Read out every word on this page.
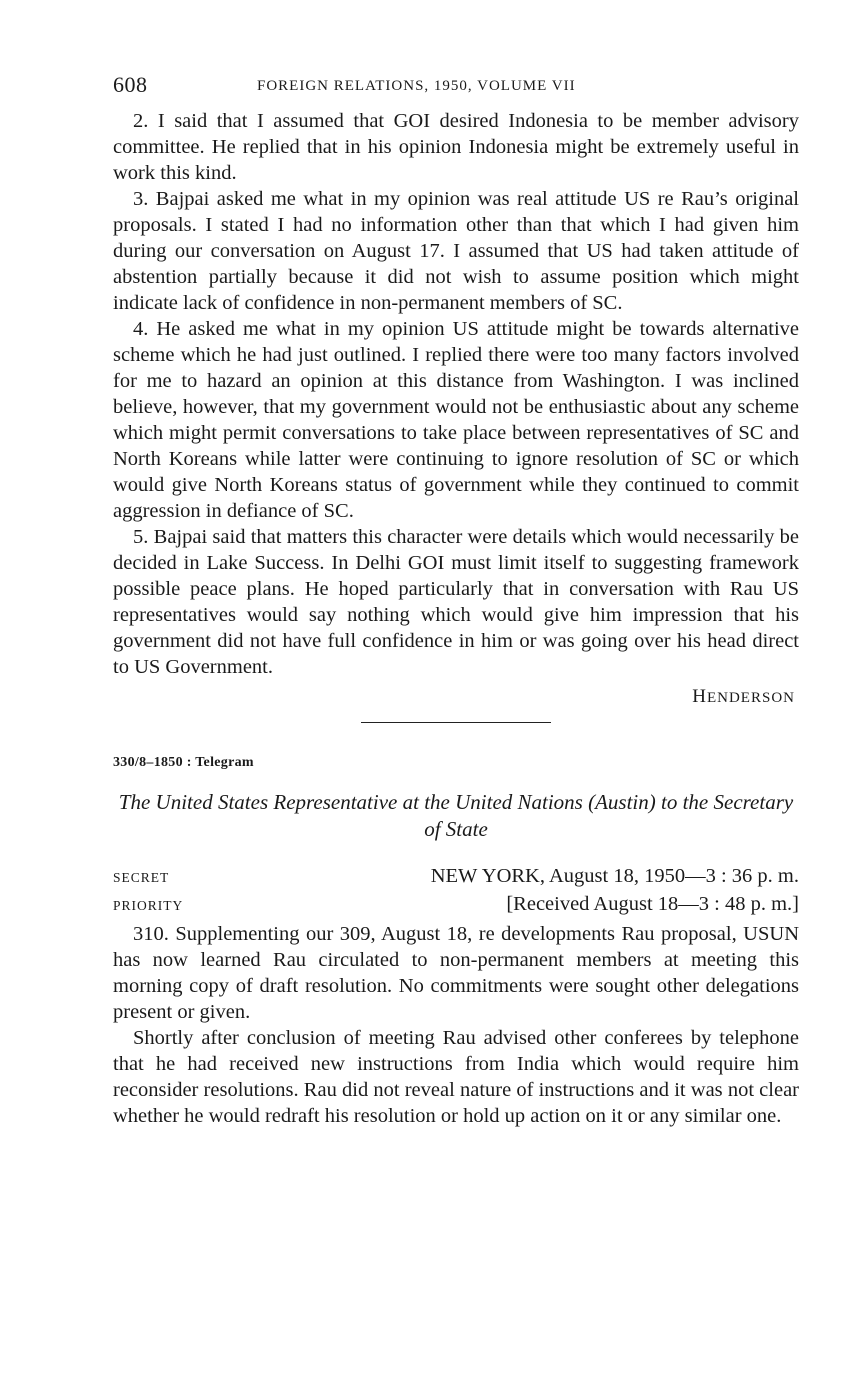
608	FOREIGN RELATIONS, 1950, VOLUME VII

2. I said that I assumed that GOI desired Indonesia to be member advisory committee. He replied that in his opinion Indonesia might be extremely useful in work this kind.

3. Bajpai asked me what in my opinion was real attitude US re Rau’s original proposals. I stated I had no information other than that which I had given him during our conversation on August 17. I assumed that US had taken attitude of abstention partially because it did not wish to assume position which might indicate lack of confidence in non-permanent members of SC.

4. He asked me what in my opinion US attitude might be towards alternative scheme which he had just outlined. I replied there were too many factors involved for me to hazard an opinion at this distance from Washington. I was inclined believe, however, that my government would not be enthusiastic about any scheme which might permit conversations to take place between representatives of SC and North Koreans while latter were continuing to ignore resolution of SC or which would give North Koreans status of government while they continued to commit aggression in defiance of SC.

5. Bajpai said that matters this character were details which would necessarily be decided in Lake Success. In Delhi GOI must limit itself to suggesting framework possible peace plans. He hoped particularly that in conversation with Rau US representatives would say nothing which would give him impression that his government did not have full confidence in him or was going over his head direct to US Government.

HENDERSON
330/8–1850 : Telegram
The United States Representative at the United Nations (Austin) to the Secretary of State
SECRET	NEW YORK, August 18, 1950—3 : 36 p. m.
PRIORITY	[Received August 18—3 : 48 p. m.]

310. Supplementing our 309, August 18, re developments Rau proposal, USUN has now learned Rau circulated to non-permanent members at meeting this morning copy of draft resolution. No commitments were sought other delegations present or given.

Shortly after conclusion of meeting Rau advised other conferees by telephone that he had received new instructions from India which would require him reconsider resolutions. Rau did not reveal nature of instructions and it was not clear whether he would redraft his resolution or hold up action on it or any similar one.
